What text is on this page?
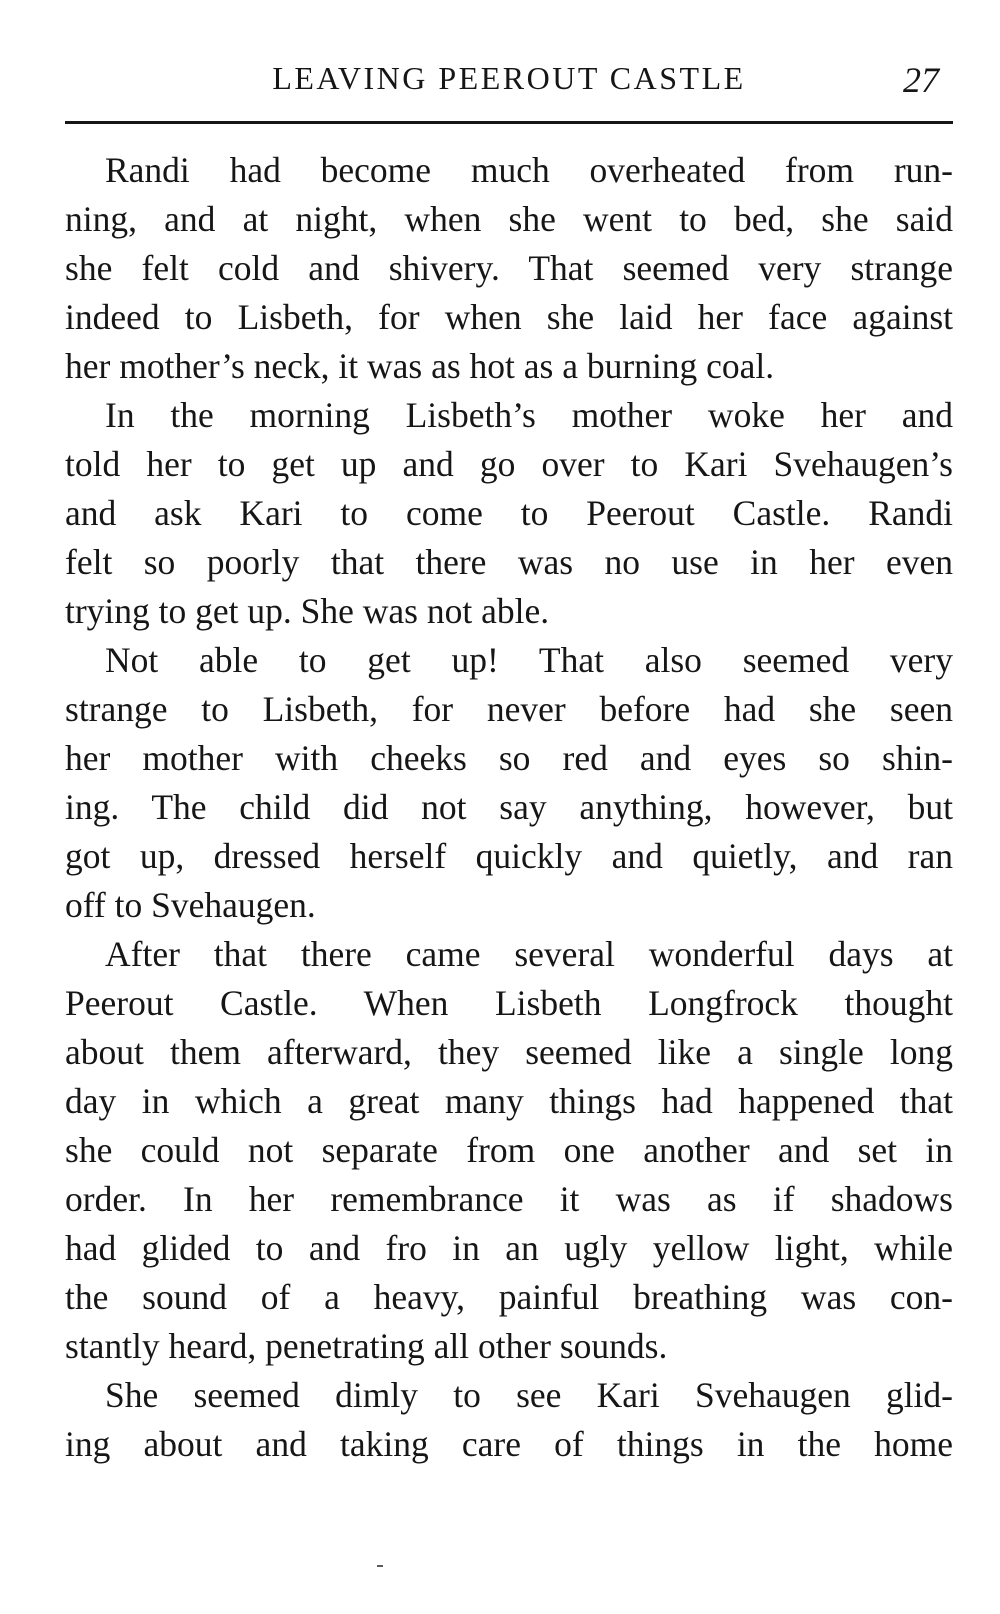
LEAVING PEEROUT CASTLE	27
Randi had become much overheated from run-
ning, and at night, when she went to bed, she said
she felt cold and shivery. That seemed very strange
indeed to Lisbeth, for when she laid her face against
her mother’s neck, it was as hot as a burning coal.
In the morning Lisbeth’s mother woke her and
told her to get up and go over to Kari Svehaugen’s
and ask Kari to come to Peerout Castle. Randi
felt so poorly that there was no use in her even
trying to get up. She was not able.
Not able to get up! That also seemed very
strange to Lisbeth, for never before had she seen
her mother with cheeks so red and eyes so shin-
ing. The child did not say anything, however, but
got up, dressed herself quickly and quietly, and ran
off to Svehaugen.
After that there came several wonderful days at
Peerout Castle. When Lisbeth Longfrock thought
about them afterward, they seemed like a single long
day in which a great many things had happened that
she could not separate from one another and set in
order. In her remembrance it was as if shadows
had glided to and fro in an ugly yellow light, while
the sound of a heavy, painful breathing was con-
stantly heard, penetrating all other sounds.
She seemed dimly to see Kari Svehaugen glid-
ing about and taking care of things in the home
